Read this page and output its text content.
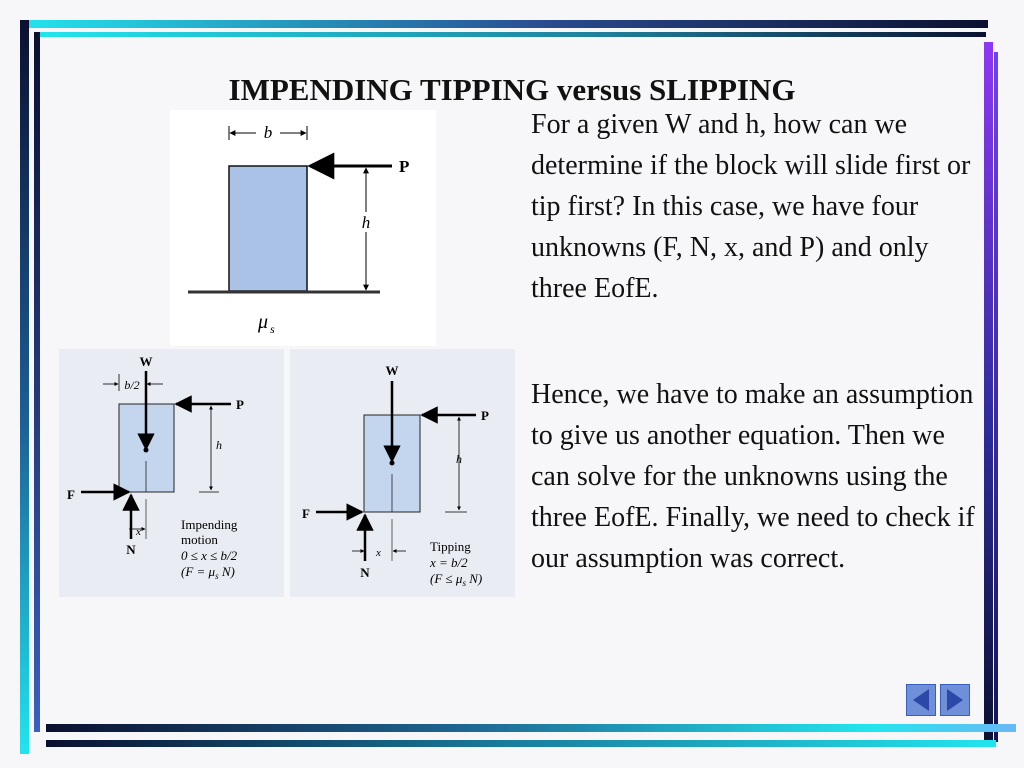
IMPENDING TIPPING versus SLIPPING

For a given W and h, how can we determine if the block will slide first or tip first? In this case, we have four unknowns (F, N, x, and P) and only three EofE.

Hence, we have to make an assumption to give us another equation. Then we can solve for the unknowns using the three EofE. Finally, we need to check if our assumption was correct.

b
P
h
μ s
W
b/2
P
h
F
N
x	Impending
motion
0 ≤ x ≤ b/2
($F = \mu_s$ N)
W
P
h
F
N
x	Tipping
x = b/2
($F \le \mu_s$ N)
